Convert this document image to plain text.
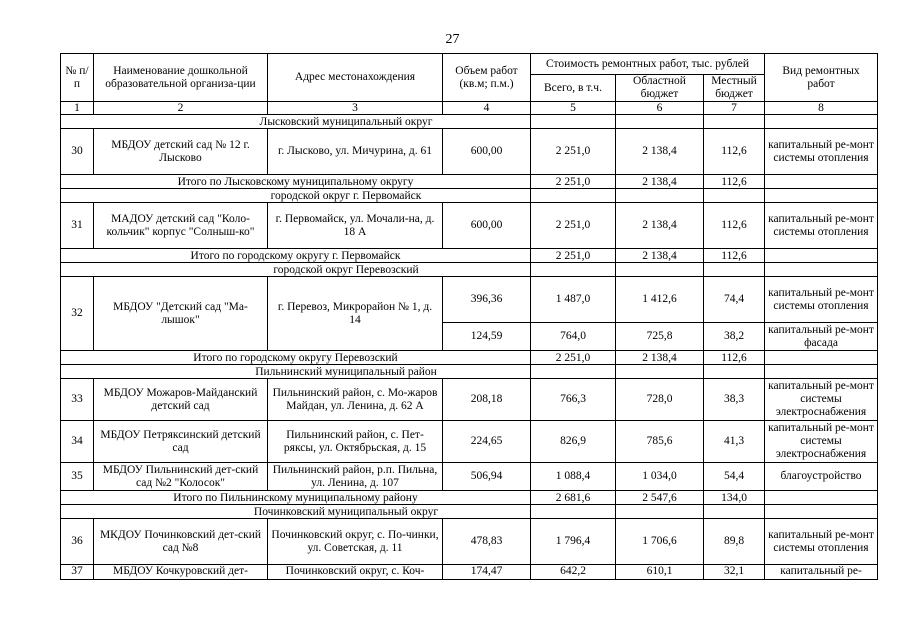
27
№ п/п	Наименование дошкольной образовательной организа-ции	Адрес местонахождения	Объем работ (кв.м; п.м.)	Стоимость ремонтных работ, тыс. рублей			Вид ремонтных работ
				Всего, в т.ч.	Областной бюджет	Местный бюджет	
1	2	3	4	5	6	7	8
Лысковский муниципальный округ							
30	МБДОУ детский сад № 12 г. Лысково	г. Лысково, ул. Мичурина, д. 61	600,00	2 251,0	2 138,4	112,6	капитальный ре-монт системы отопления
Итого по Лысковскому муниципальному округу				2 251,0	2 138,4	112,6	
городской округ г. Первомайск							
31	МАДОУ детский сад "Коло-кольчик" корпус "Солныш-ко"	г. Первомайск, ул. Мочали-на, д. 18 А	600,00	2 251,0	2 138,4	112,6	капитальный ре-монт системы отопления
Итого по городскому округу г. Первомайск				2 251,0	2 138,4	112,6	
городской округ Перевозский							
32	МБДОУ "Детский сад "Ма-лышок"	г. Перевоз, Микрорайон № 1, д. 14	396,36	1 487,0	1 412,6	74,4	капитальный ре-монт системы отопления
			124,59	764,0	725,8	38,2	капитальный ре-монт фасада
Итого по городскому округу Перевозский				2 251,0	2 138,4	112,6	
Пильнинский муниципальный район							
33	МБДОУ Можаров-Майданский детский сад	Пильнинский район, с. Мо-жаров Майдан, ул. Ленина, д. 62 А	208,18	766,3	728,0	38,3	капитальный ре-монт системы электроснабжения
34	МБДОУ Петряксинский детский сад	Пильнинский район, с. Пет-ряксы, ул. Октябрьская, д. 15	224,65	826,9	785,6	41,3	капитальный ре-монт системы электроснабжения
35	МБДОУ Пильнинский дет-ский сад №2 "Колосок"	Пильнинский район, р.п. Пильна, ул. Ленина, д. 107	506,94	1 088,4	1 034,0	54,4	благоустройство
Итого по Пильнинскому муниципальному району				2 681,6	2 547,6	134,0	
Починковский муниципальный округ							
36	МКДОУ Починковский дет-ский сад №8	Починковский округ, с. По-чинки, ул. Советская, д. 11	478,83	1 796,4	1 706,6	89,8	капитальный ре-монт системы отопления
37	МБДОУ Кочкуровский дет-	Починковский округ, с. Коч-	174,47	642,2	610,1	32,1	капитальный ре-
